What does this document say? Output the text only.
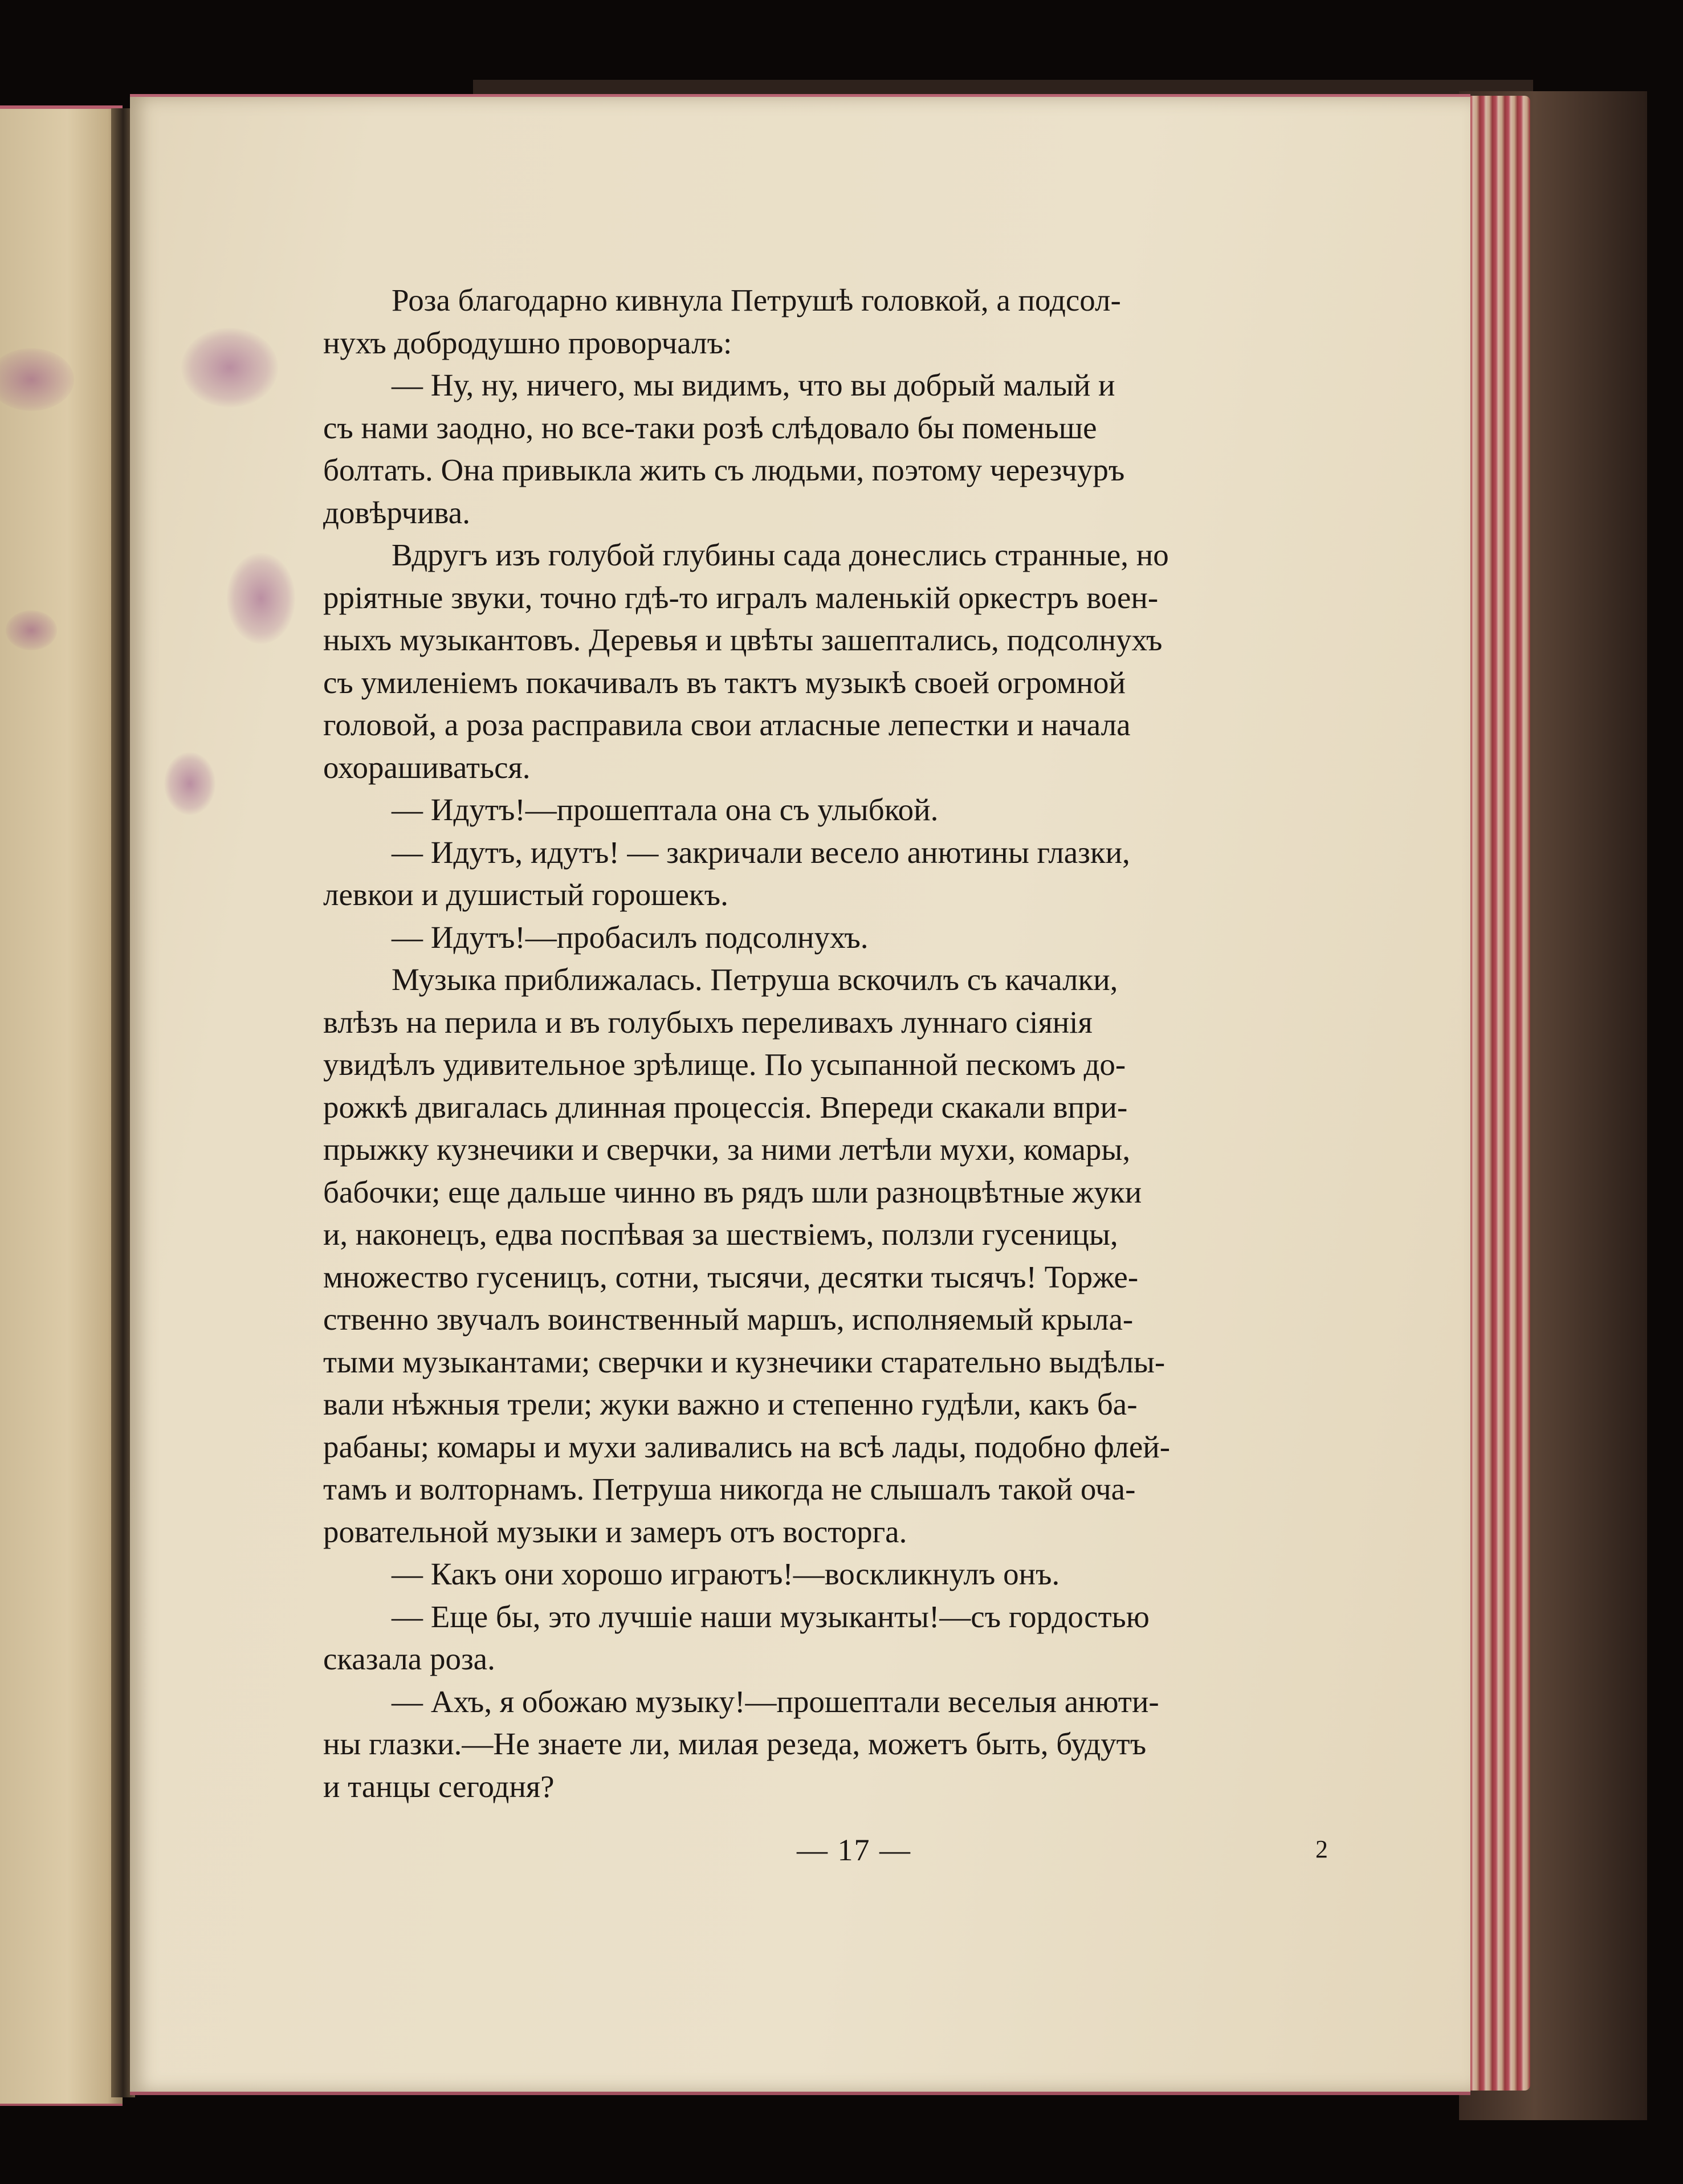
Роза благодарно кивнула Петрушѣ головкой, а подсол-
нухъ добродушно проворчалъ:

— Ну, ну, ничего, мы видимъ, что вы добрый малый и
съ нами заодно, но все-таки розѣ слѣдовало бы поменьше
болтать. Она привыкла жить съ людьми, поэтому черезчуръ
довѣрчива.

Вдругъ изъ голубой глубины сада донеслись странные, но
pріятные звуки, точно гдѣ-то игралъ маленькій оркестръ воен-
ныхъ музыкантовъ. Деревья и цвѣты зашептались, подсолнухъ
съ умиленіемъ покачивалъ въ тактъ музыкѣ своей огромной
головой, а роза расправила свои атласные лепестки и начала
охорашиваться.

— Идутъ!—прошептала она съ улыбкой.

— Идутъ, идутъ! — закричали весело анютины глазки,
левкои и душистый горошекъ.

— Идутъ!—пробасилъ подсолнухъ.

Музыка приближалась. Петруша вскочилъ съ качалки,
влѣзъ на перила и въ голубыхъ переливахъ луннаго сіянія
увидѣлъ удивительное зрѣлище. По усыпанной пескомъ до-
рожкѣ двигалась длинная процессія. Впереди скакали впри-
прыжку кузнечики и сверчки, за ними летѣли мухи, комары,
бабочки; еще дальше чинно въ рядъ шли разноцвѣтные жуки
и, наконецъ, едва поспѣвая за шествіемъ, ползли гусеницы,
множество гусеницъ, сотни, тысячи, десятки тысячъ! Торже-
ственно звучалъ воинственный маршъ, исполняемый крыла-
тыми музыкантами; сверчки и кузнечики старательно выдѣлы-
вали нѣжныя трели; жуки важно и степенно гудѣли, какъ ба-
рабаны; комары и мухи заливались на всѣ лады, подобно флей-
тамъ и волторнамъ. Петруша никогда не слышалъ такой оча-
ровательной музыки и замеръ отъ восторга.

— Какъ они хорошо играютъ!—воскликнулъ онъ.

— Еще бы, это лучшіе наши музыканты!—съ гордостью
сказала роза.

— Ахъ, я обожаю музыку!—прошептали веселыя анюти-
ны глазки.—Не знаете ли, милая резеда, можетъ быть, будутъ
и танцы сегодня?

— 17 —	2
